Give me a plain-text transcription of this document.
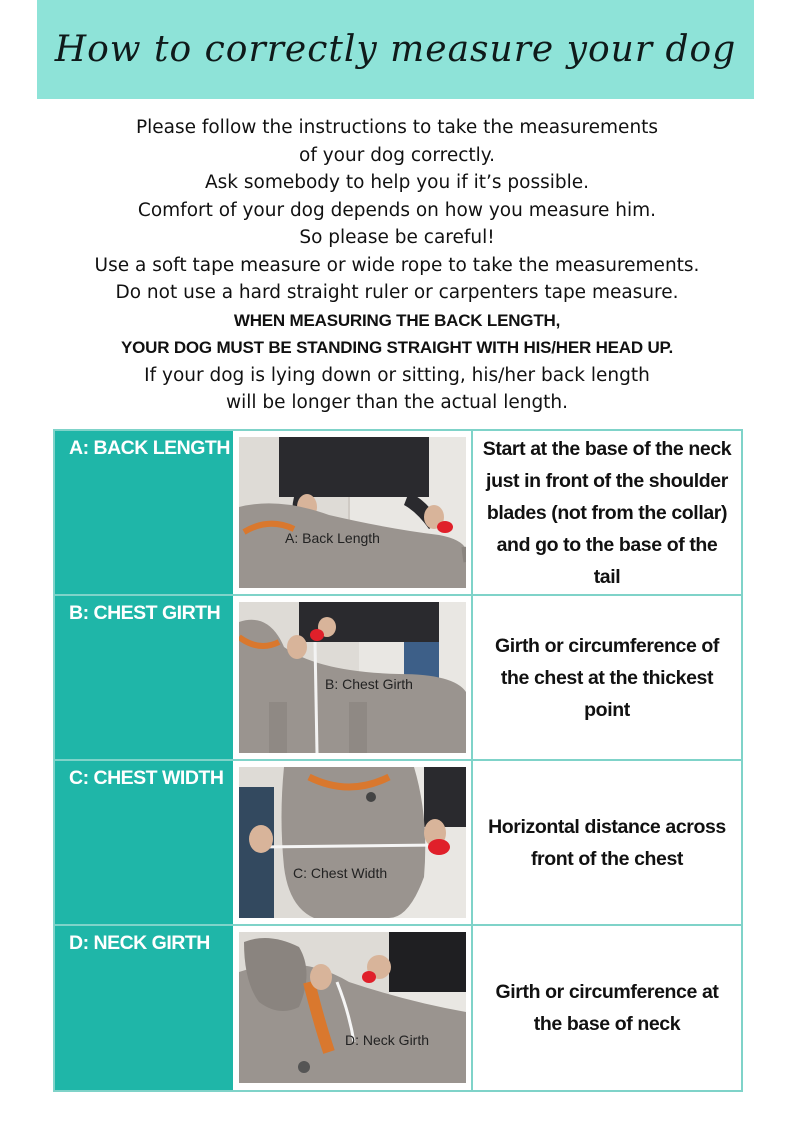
How to correctly measure your dog
Please follow the instructions to take the measurements
of your dog correctly.
Ask somebody to help you if it’s possible.
Comfort of your dog depends on how you measure him.
So please be careful!
Use a soft tape measure or wide rope to take the measurements.
Do not use a hard straight ruler or carpenters tape measure.
WHEN MEASURING THE BACK LENGTH,
YOUR DOG MUST BE STANDING STRAIGHT WITH HIS/HER HEAD UP.
If your dog is lying down or sitting, his/her back length
will be longer than the actual length.
A: BACK LENGTH
A: Back Length
Start at the base of the neck just in front of the shoulder blades (not from the collar) and go to the base of the tail
B: CHEST GIRTH
B: Chest Girth
Girth or circumference of the chest at the thickest point
C: CHEST WIDTH
C: Chest Width
Horizontal distance across front of the chest
D: NECK GIRTH
D: Neck Girth
Girth or circumference at the base of neck
